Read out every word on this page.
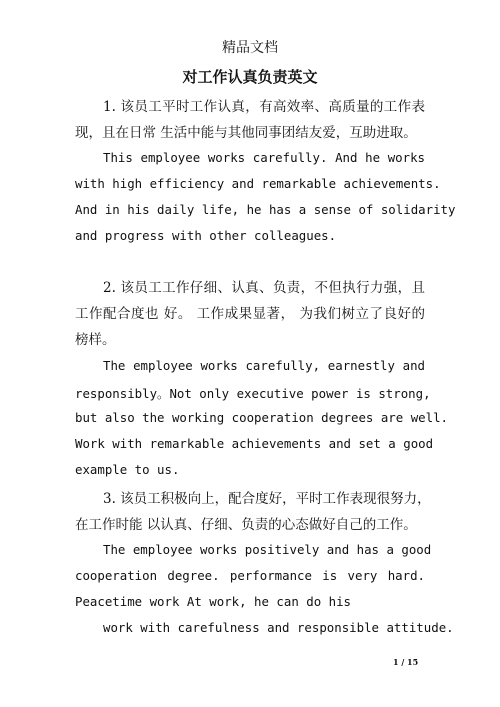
精品文档
对工作认真负责英文
1. 该员工平时工作认真，有高效率、高质量的工作表
现，且在日常 生活中能与其他同事团结友爱，互助进取。
This employee works carefully. And he works
with high efficiency and remarkable achievements.
And in his daily life, he has a sense of solidarity
and progress with other colleagues.
2. 该员工工作仔细、认真、负责，不但执行力强，且
工作配合度也 好。 工作成果显著， 为我们树立了良好的
榜样。
The employee works carefully, earnestly and
responsibly。Not only executive power is strong,
but also the working cooperation degrees are well.
Work with remarkable achievements and set a good
example to us.
3. 该员工积极向上，配合度好，平时工作表现很努力，
在工作时能 以认真、仔细、负责的心态做好自己的工作。
The employee works positively and has a good
cooperation degree. performance is very hard.
Peacetime work At work, he can do his
work with carefulness and responsible attitude.
1 / 15
